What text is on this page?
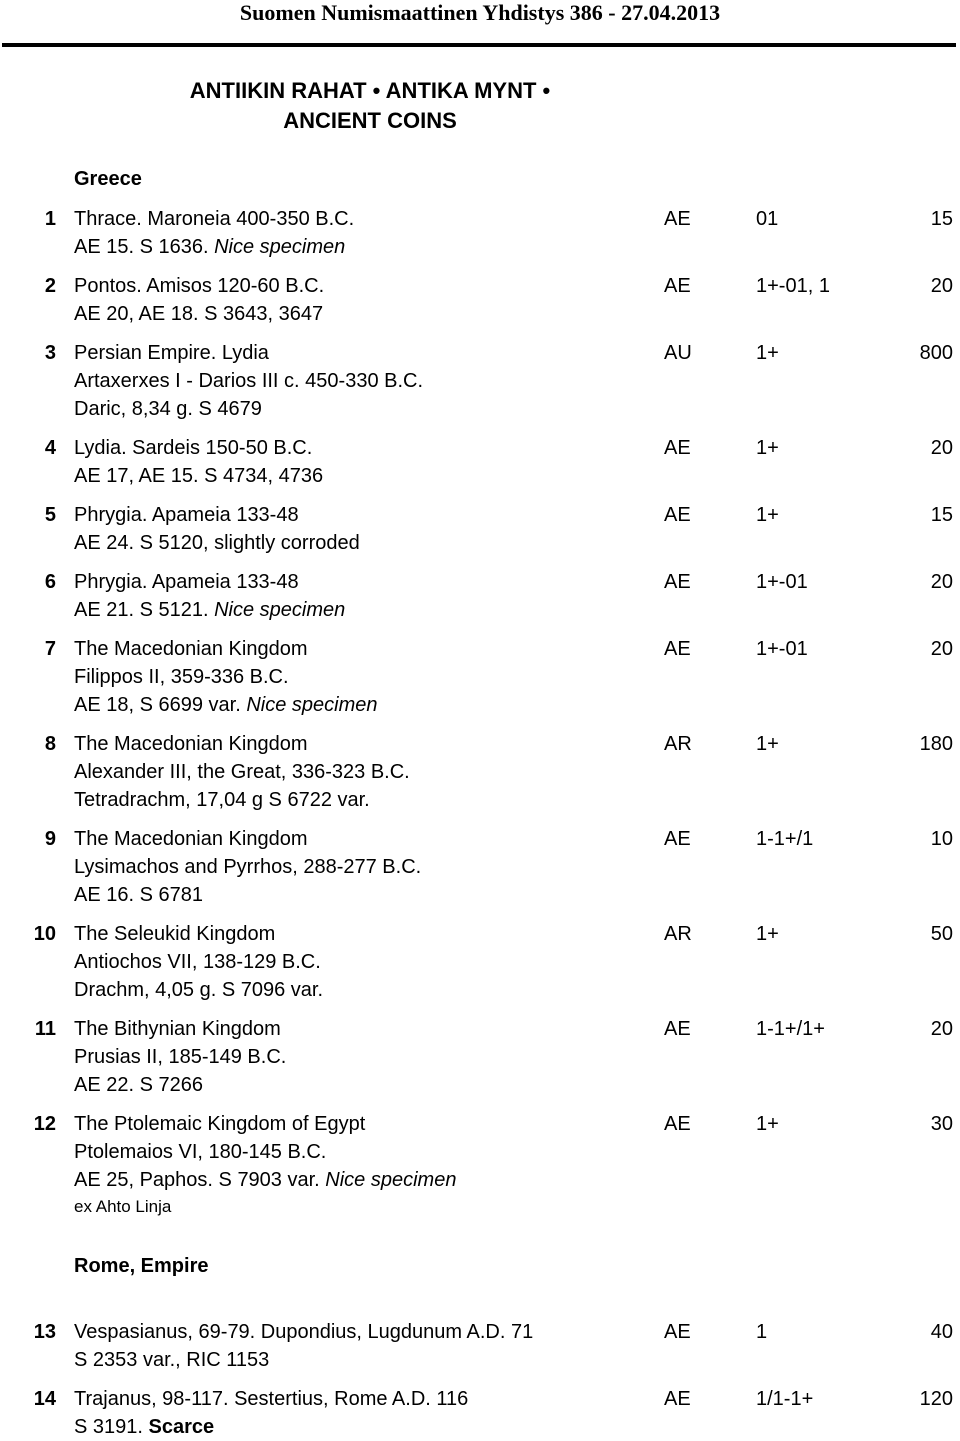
Suomen Numismaattinen Yhdistys 386 - 27.04.2013
ANTIIKIN RAHAT • ANTIKA MYNT •
ANCIENT COINS
Greece
Rome, Empire
1 Thrace. Maroneia 400-350 B.C.
AE 15. S 1636. Nice specimen
AE	01	15
2 Pontos. Amisos 120-60 B.C.
AE 20, AE 18. S 3643, 3647
AE	1+-01, 1	20
3 Persian Empire. Lydia
Artaxerxes I - Darios III c. 450-330 B.C.
Daric, 8,34 g. S 4679
AU	1+	800
4 Lydia. Sardeis 150-50 B.C.
AE 17, AE 15. S 4734, 4736
AE	1+	20
5 Phrygia. Apameia 133-48
AE 24. S 5120, slightly corroded
AE	1+	15
6 Phrygia. Apameia 133-48
AE 21. S 5121. Nice specimen
AE	1+-01	20
7 The Macedonian Kingdom
Filippos II, 359-336 B.C.
AE 18, S 6699 var. Nice specimen
AE	1+-01	20
8 The Macedonian Kingdom
Alexander III, the Great, 336-323 B.C.
Tetradrachm, 17,04 g S 6722 var.
AR	1+	180
9 The Macedonian Kingdom
Lysimachos and Pyrrhos, 288-277 B.C.
AE 16. S 6781
AE	1-1+/1	10
10 The Seleukid Kingdom
Antiochos VII, 138-129 B.C.
Drachm, 4,05 g. S 7096 var.
AR	1+	50
11 The Bithynian Kingdom
Prusias II, 185-149 B.C.
AE 22. S 7266
AE	1-1+/1+	20
12 The Ptolemaic Kingdom of Egypt
Ptolemaios VI, 180-145 B.C.
AE 25, Paphos. S 7903 var. Nice specimen
ex Ahto Linja
AE	1+	30
13 Vespasianus, 69-79. Dupondius, Lugdunum A.D. 71
S 2353 var., RIC 1153
AE	1	40
14 Trajanus, 98-117. Sestertius, Rome A.D. 116
S 3191. Scarce
AE	1/1-1+	120
